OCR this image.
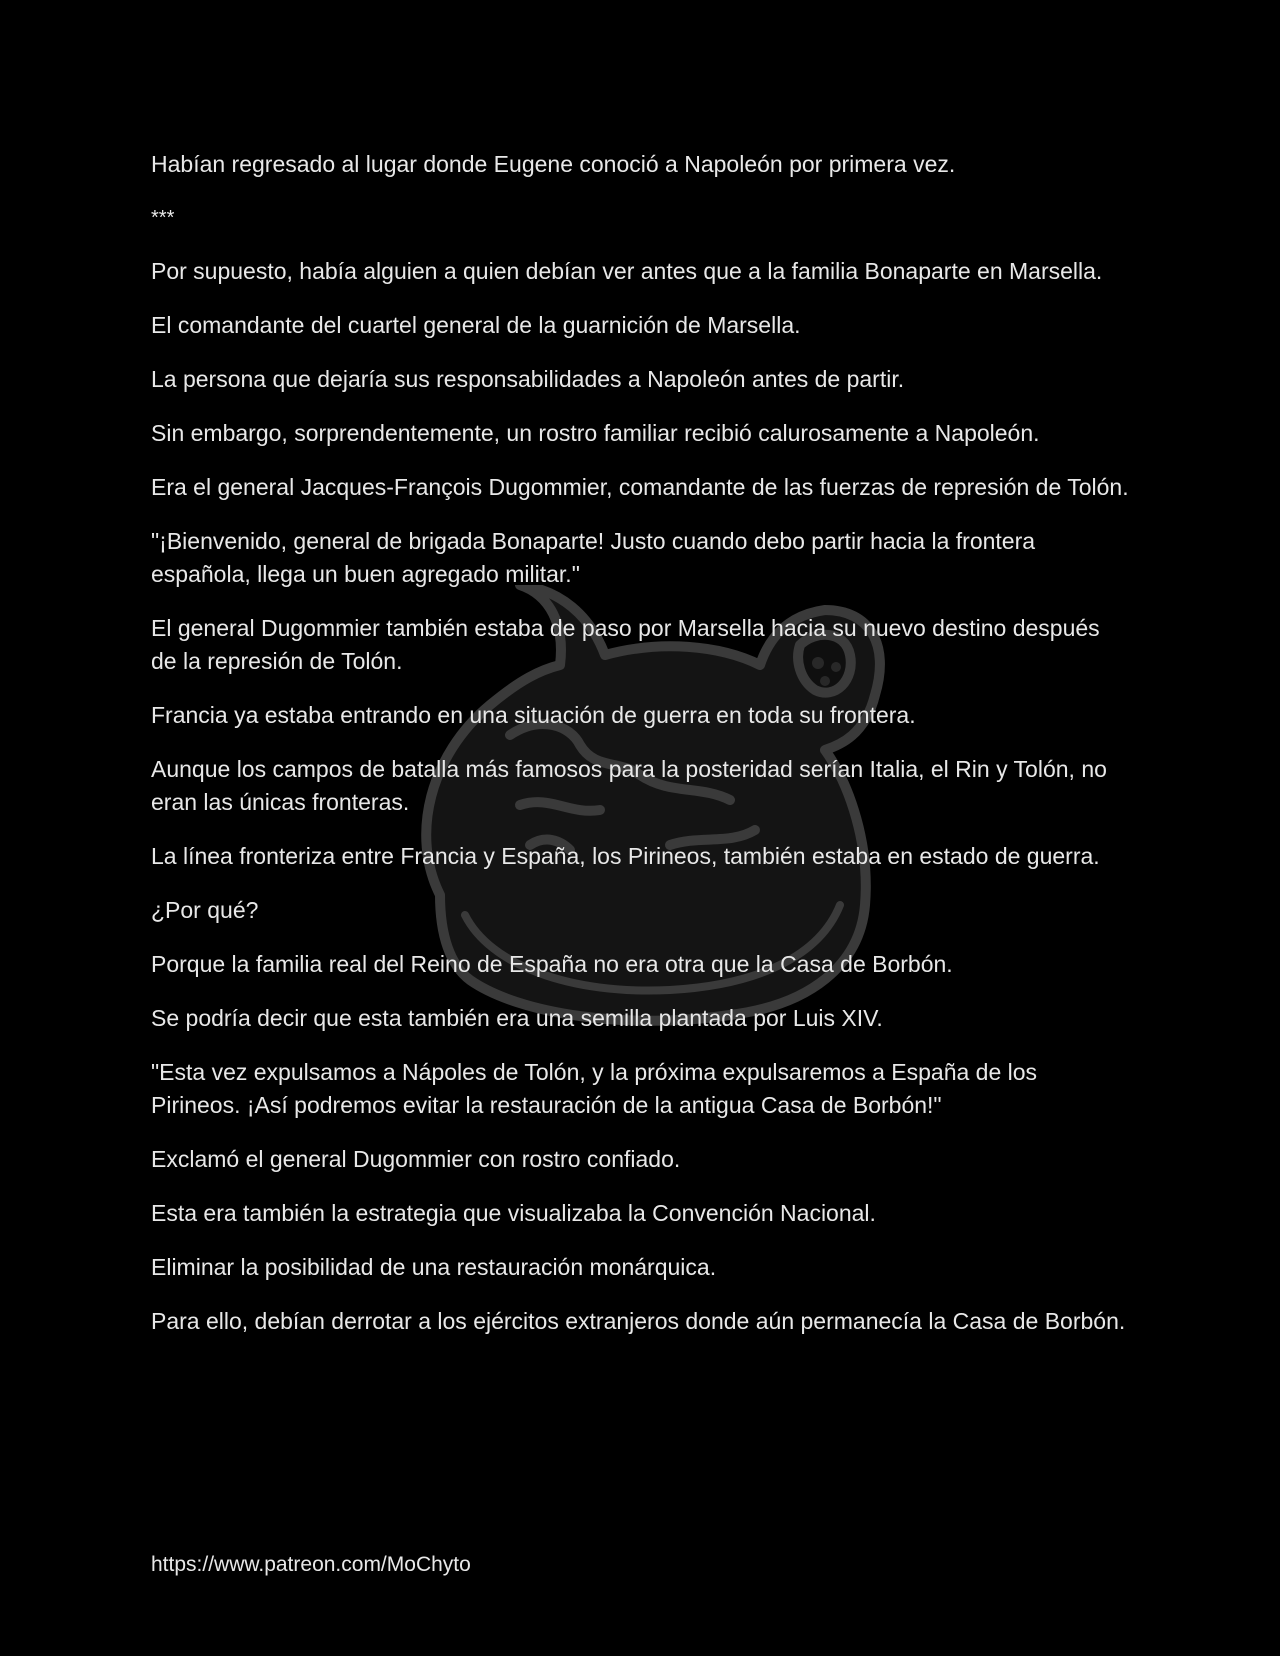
Habían regresado al lugar donde Eugene conoció a Napoleón por primera vez.

***

Por supuesto, había alguien a quien debían ver antes que a la familia Bonaparte en Marsella.

El comandante del cuartel general de la guarnición de Marsella.

La persona que dejaría sus responsabilidades a Napoleón antes de partir.

Sin embargo, sorprendentemente, un rostro familiar recibió calurosamente a Napoleón.

Era el general Jacques-François Dugommier, comandante de las fuerzas de represión de Tolón.

"¡Bienvenido, general de brigada Bonaparte! Justo cuando debo partir hacia la frontera española, llega un buen agregado militar."

El general Dugommier también estaba de paso por Marsella hacia su nuevo destino después de la represión de Tolón.

Francia ya estaba entrando en una situación de guerra en toda su frontera.

Aunque los campos de batalla más famosos para la posteridad serían Italia, el Rin y Tolón, no eran las únicas fronteras.

La línea fronteriza entre Francia y España, los Pirineos, también estaba en estado de guerra.

¿Por qué?

Porque la familia real del Reino de España no era otra que la Casa de Borbón.

Se podría decir que esta también era una semilla plantada por Luis XIV.

"Esta vez expulsamos a Nápoles de Tolón, y la próxima expulsaremos a España de los Pirineos. ¡Así podremos evitar la restauración de la antigua Casa de Borbón!"

Exclamó el general Dugommier con rostro confiado.

Esta era también la estrategia que visualizaba la Convención Nacional.

Eliminar la posibilidad de una restauración monárquica.

Para ello, debían derrotar a los ejércitos extranjeros donde aún permanecía la Casa de Borbón.

https://www.patreon.com/MoChyto
